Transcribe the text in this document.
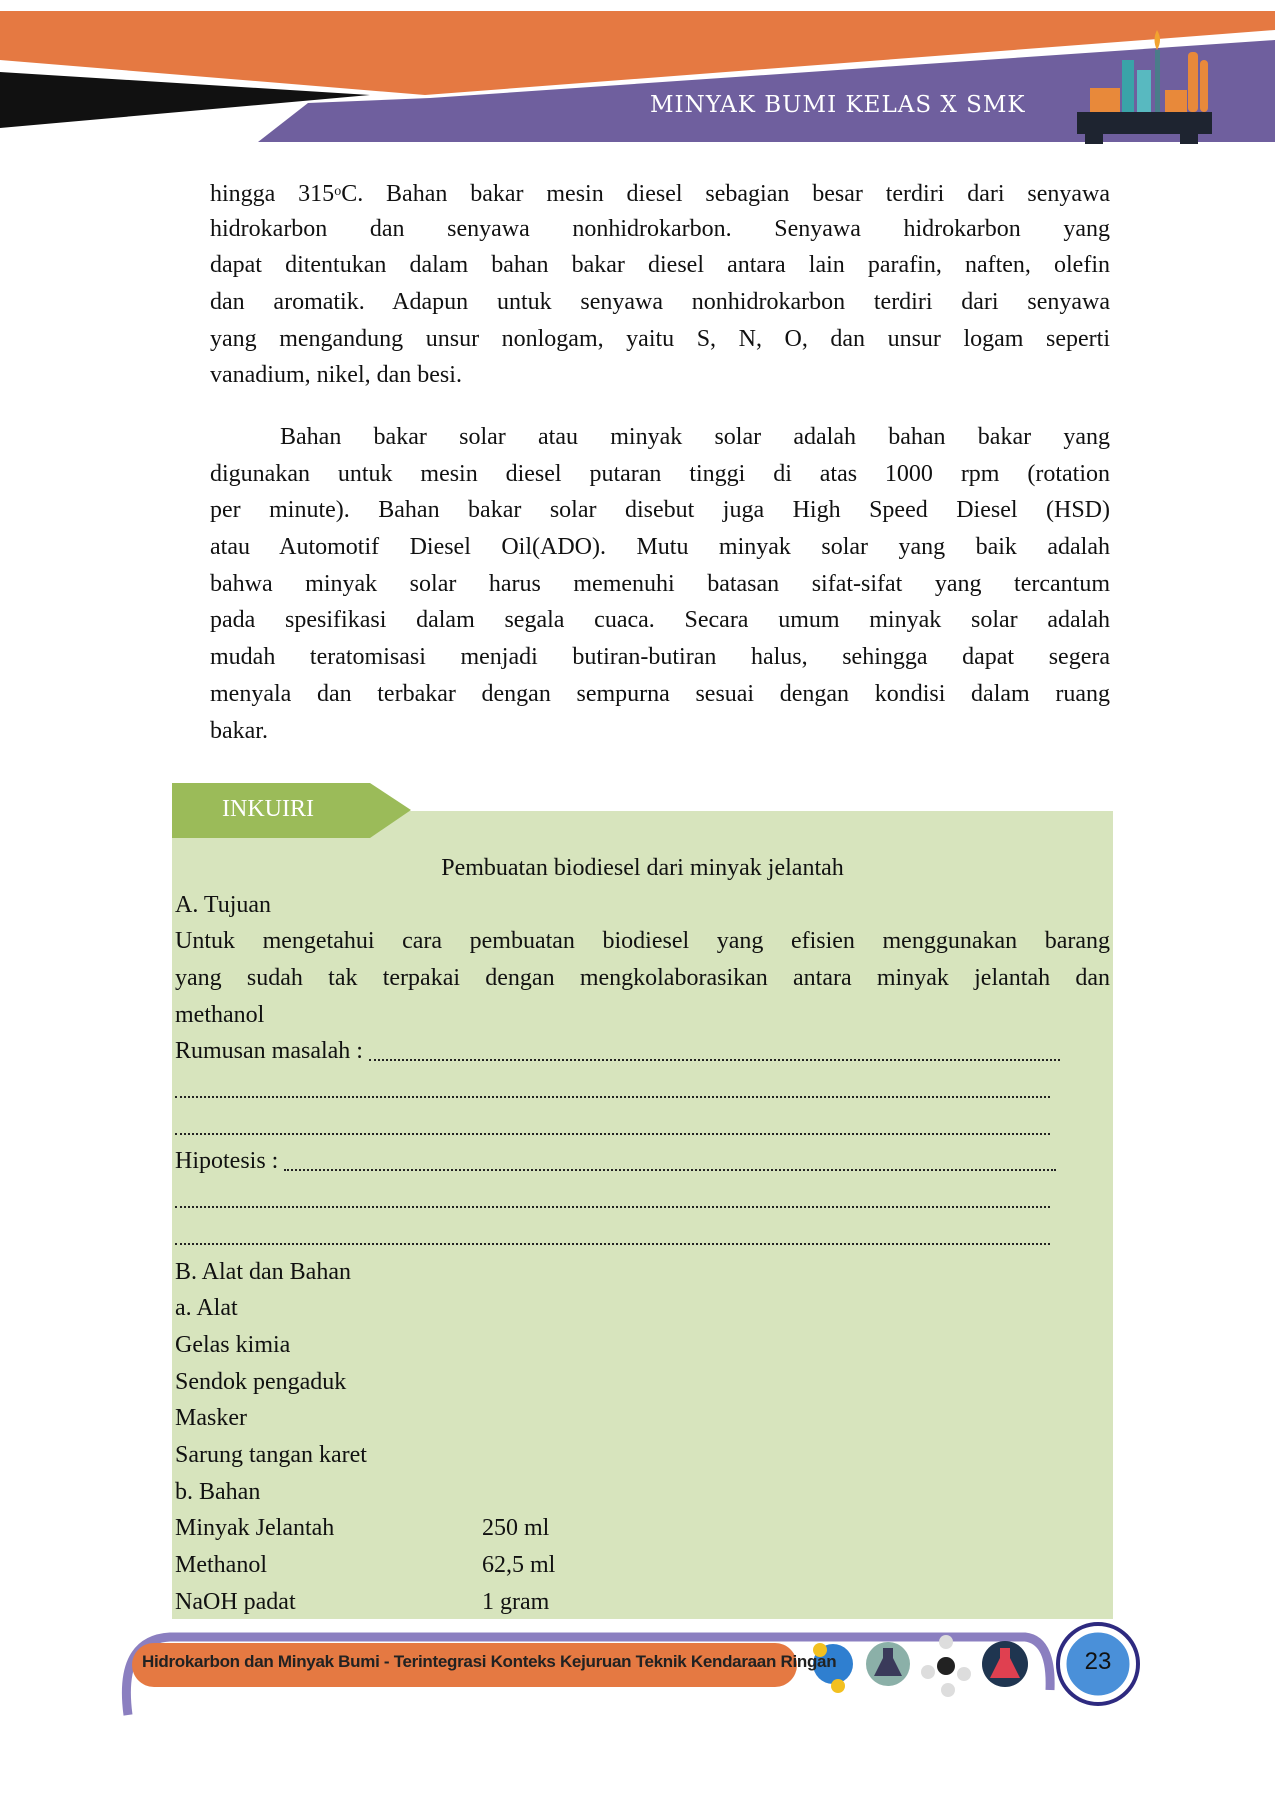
MINYAK BUMI KELAS X SMK
hingga 315$^o$C. Bahan bakar mesin diesel sebagian besar terdiri dari senyawa
hidrokarbon dan senyawa nonhidrokarbon. Senyawa hidrokarbon yang
dapat ditentukan dalam bahan bakar diesel antara lain parafin, naften, olefin
dan aromatik. Adapun untuk senyawa nonhidrokarbon terdiri dari senyawa
yang mengandung unsur nonlogam, yaitu S, N, O, dan unsur logam seperti
vanadium, nikel, dan besi.
Bahan bakar solar atau minyak solar adalah bahan bakar yang
digunakan untuk mesin diesel putaran tinggi di atas 1000 rpm (rotation
per minute). Bahan bakar solar disebut juga High Speed Diesel (HSD)
atau Automotif Diesel Oil(ADO). Mutu minyak solar yang baik adalah
bahwa minyak solar harus memenuhi batasan sifat-sifat yang tercantum
pada spesifikasi dalam segala cuaca. Secara umum minyak solar adalah
mudah teratomisasi menjadi butiran-butiran halus, sehingga dapat segera
menyala dan terbakar dengan sempurna sesuai dengan kondisi dalam ruang
bakar.
Pembuatan biodiesel dari minyak jelantah
A. Tujuan
Untuk mengetahui cara pembuatan biodiesel yang efisien menggunakan barang
yang sudah tak terpakai dengan mengkolaborasikan antara minyak jelantah dan
methanol
Rumusan masalah :
Hipotesis :
B. Alat dan Bahan
a. Alat
Gelas kimia
Sendok pengaduk
Masker
Sarung tangan karet
b. Bahan
Minyak Jelantah	250 ml
Methanol	62,5 ml
NaOH padat	1 gram
INKUIRI
Hidrokarbon dan Minyak Bumi - Terintegrasi Konteks Kejuruan Teknik Kendaraan Ringan	23
